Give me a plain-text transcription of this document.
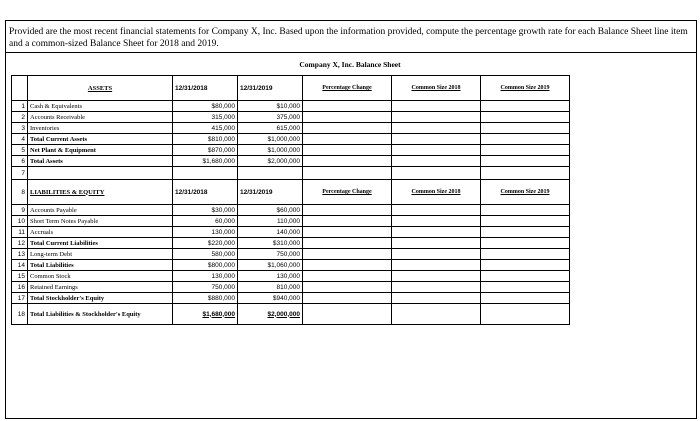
Provided are the most recent financial statements for Company X, Inc. Based upon the information provided, compute the percentage growth rate for each Balance Sheet line item and a common-sized Balance Sheet for 2018 and 2019.
Company X, Inc. Balance Sheet
	ASSETS	12/31/2018	12/31/2019	Percentage Change	Common Size 2018	Common Size 2019
1	Cash & Equivalents	$80,000	$10,000			
2	Accounts Receivable	315,000	375,000			
3	Inventories	415,000	615,000			
4	Total Current Assets	$810,000	$1,000,000			
5	Net Plant & Equipment	$870,000	$1,000,000			
6	Total Assets	$1,680,000	$2,000,000			
7						
8	LIABILITIES & EQUITY	12/31/2018	12/31/2019	Percentage Change	Common Size 2018	Common Size 2019
9	Accounts Payable	$30,000	$60,000			
10	Short Term Notes Payable	60,000	110,000			
11	Accruals	130,000	140,000			
12	Total Current Liabilities	$220,000	$310,000			
13	Long-term Debt	580,000	750,000			
14	Total Liabilities	$800,000	$1,060,000			
15	Common Stock	130,000	130,000			
16	Retained Earnings	750,000	810,000			
17	Total Stockholder's Equity	$880,000	$940,000			
18	Total Liabilities & Stockholder's Equity	$1,680,000	$2,000,000			
